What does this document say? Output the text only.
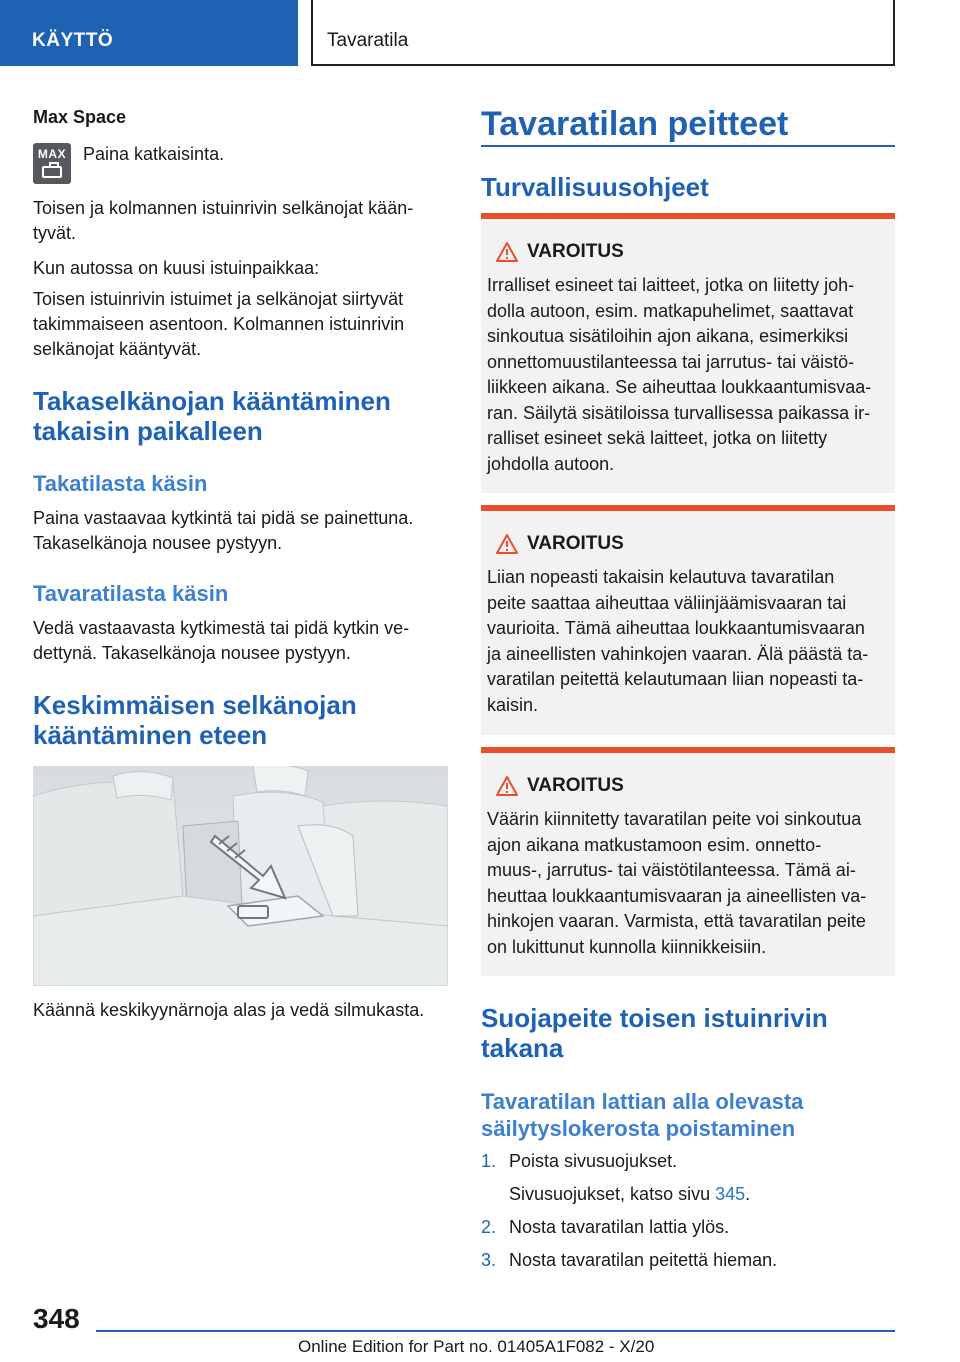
KÄYTTÖ	Tavaratila
Max Space
MAX Paina katkaisinta.
Toisen ja kolmannen istuinrivin selkänojat kään‐
tyvät.
Kun autossa on kuusi istuinpaikkaa:
Toisen istuinrivin istuimet ja selkänojat siirtyvät
takimmaiseen asentoon. Kolmannen istuinrivin
selkänojat kääntyvät.
Takaselkänojan kääntäminen
takaisin paikalleen
Takatilasta käsin
Paina vastaavaa kytkintä tai pidä se painettuna.
Takaselkänoja nousee pystyyn.
Tavaratilasta käsin
Vedä vastaavasta kytkimestä tai pidä kytkin ve‐
dettynä. Takaselkänoja nousee pystyyn.
Keskimmäisen selkänojan
kääntäminen eteen
Käännä keskikyynärnoja alas ja vedä silmukasta.
Tavaratilan peitteet
Turvallisuusohjeet
VAROITUS
Irralliset esineet tai laitteet, jotka on liitetty joh‐
dolla autoon, esim. matkapuhelimet, saattavat
sinkoutua sisätiloihin ajon aikana, esimerkiksi
onnettomuustilanteessa tai jarrutus- tai väistö‐
liikkeen aikana. Se aiheuttaa loukkaantumisvaa‐
ran. Säilytä sisätiloissa turvallisessa paikassa ir‐
ralliset esineet sekä laitteet, jotka on liitetty
johdolla autoon.
VAROITUS
Liian nopeasti takaisin kelautuva tavaratilan
peite saattaa aiheuttaa väliinjäämisvaaran tai
vaurioita. Tämä aiheuttaa loukkaantumisvaaran
ja aineellisten vahinkojen vaaran. Älä päästä ta‐
varatilan peitettä kelautumaan liian nopeasti ta‐
kaisin.
VAROITUS
Väärin kiinnitetty tavaratilan peite voi sinkoutua
ajon aikana matkustamoon esim. onnetto‐
muus-, jarrutus- tai väistötilanteessa. Tämä ai‐
heuttaa loukkaantumisvaaran ja aineellisten va‐
hinkojen vaaran. Varmista, että tavaratilan peite
on lukittunut kunnolla kiinnikkeisiin.
Suojapeite toisen istuinrivin
takana
Tavaratilan lattian alla olevasta
säilytyslokerosta poistaminen
1. Poista sivusuojukset.
Sivusuojukset, katso sivu 345.
2. Nosta tavaratilan lattia ylös.
3. Nosta tavaratilan peitettä hieman.
348
Online Edition for Part no. 01405A1F082 - X/20
